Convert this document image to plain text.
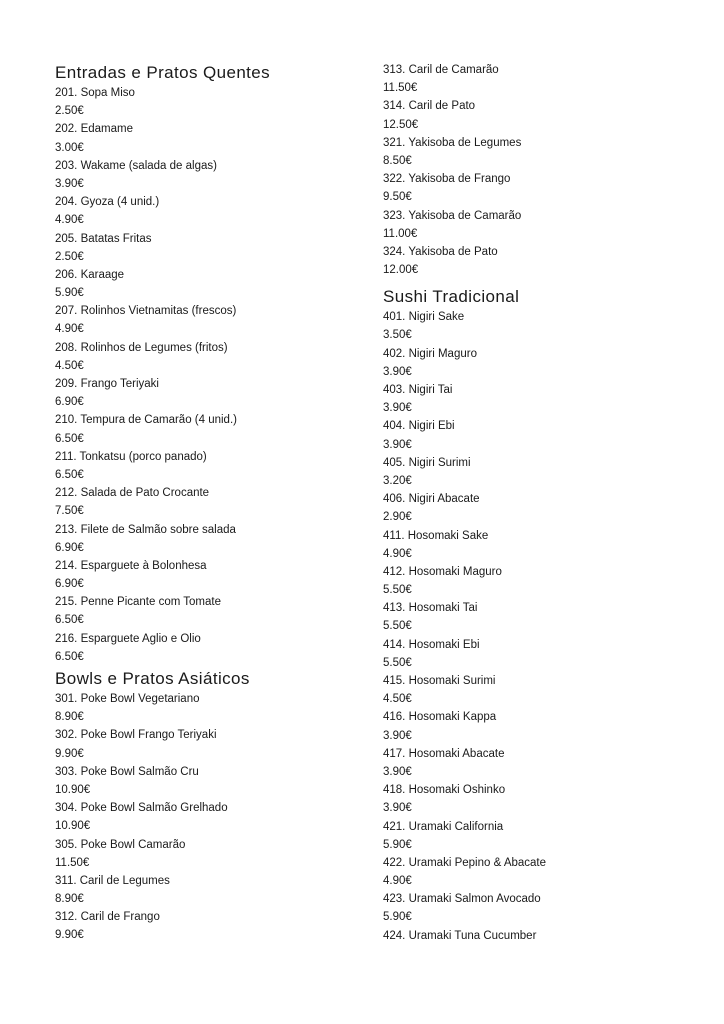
Entradas e Pratos Quentes
201. Sopa Miso
2.50€
202. Edamame
3.00€
203. Wakame (salada de algas)
3.90€
204. Gyoza (4 unid.)
4.90€
205. Batatas Fritas
2.50€
206. Karaage
5.90€
207. Rolinhos Vietnamitas (frescos)
4.90€
208. Rolinhos de Legumes (fritos)
4.50€
209. Frango Teriyaki
6.90€
210. Tempura de Camarão (4 unid.)
6.50€
211. Tonkatsu (porco panado)
6.50€
212. Salada de Pato Crocante
7.50€
213. Filete de Salmão sobre salada
6.90€
214. Esparguete à Bolonhesa
6.90€
215. Penne Picante com Tomate
6.50€
216. Esparguete Aglio e Olio
6.50€
Bowls e Pratos Asiáticos
301. Poke Bowl Vegetariano
8.90€
302. Poke Bowl Frango Teriyaki
9.90€
303. Poke Bowl Salmão Cru
10.90€
304. Poke Bowl Salmão Grelhado
10.90€
305. Poke Bowl Camarão
11.50€
311. Caril de Legumes
8.90€
312. Caril de Frango
9.90€
313. Caril de Camarão
11.50€
314. Caril de Pato
12.50€
321. Yakisoba de Legumes
8.50€
322. Yakisoba de Frango
9.50€
323. Yakisoba de Camarão
11.00€
324. Yakisoba de Pato
12.00€
Sushi Tradicional
401. Nigiri Sake
3.50€
402. Nigiri Maguro
3.90€
403. Nigiri Tai
3.90€
404. Nigiri Ebi
3.90€
405. Nigiri Surimi
3.20€
406. Nigiri Abacate
2.90€
411. Hosomaki Sake
4.90€
412. Hosomaki Maguro
5.50€
413. Hosomaki Tai
5.50€
414. Hosomaki Ebi
5.50€
415. Hosomaki Surimi
4.50€
416. Hosomaki Kappa
3.90€
417. Hosomaki Abacate
3.90€
418. Hosomaki Oshinko
3.90€
421. Uramaki California
5.90€
422. Uramaki Pepino & Abacate
4.90€
423. Uramaki Salmon Avocado
5.90€
424. Uramaki Tuna Cucumber
